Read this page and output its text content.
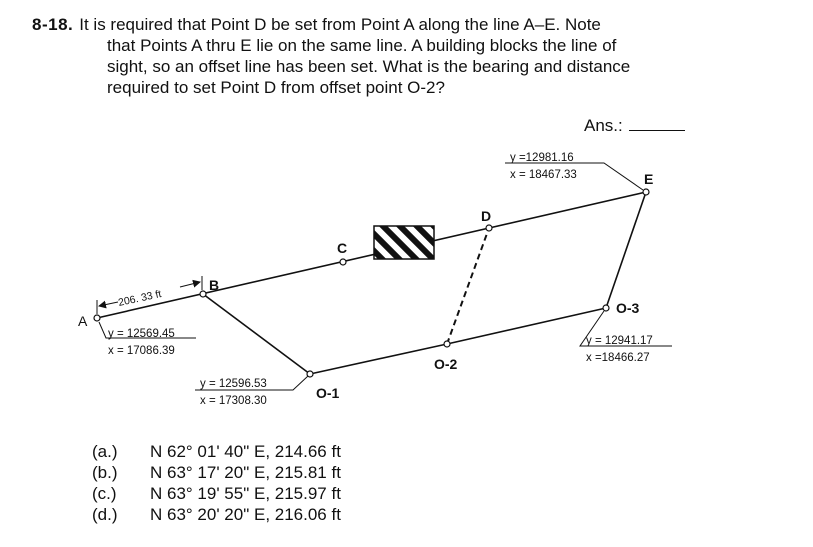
8-18. It is required that Point D be set from Point A along the line A–E. Note
that Points A thru E lie on the same line. A building blocks the line of
sight, so an offset line has been set. What is the bearing and distance
required to set Point D from offset point O-2?
Ans.:
A
B
C
D
E
O-1
O-2
O-3
206. 33 ft
y = 12569.45
x = 17086.39
y = 12596.53
x = 17308.30
y =12981.16
x = 18467.33
y = 12941.17
x =18466.27
(a.)	N 62° 01' 40" E, 214.66 ft
(b.)	N 63° 17' 20" E, 215.81 ft
(c.)	N 63° 19' 55" E, 215.97 ft
(d.)	N 63° 20' 20" E, 216.06 ft
